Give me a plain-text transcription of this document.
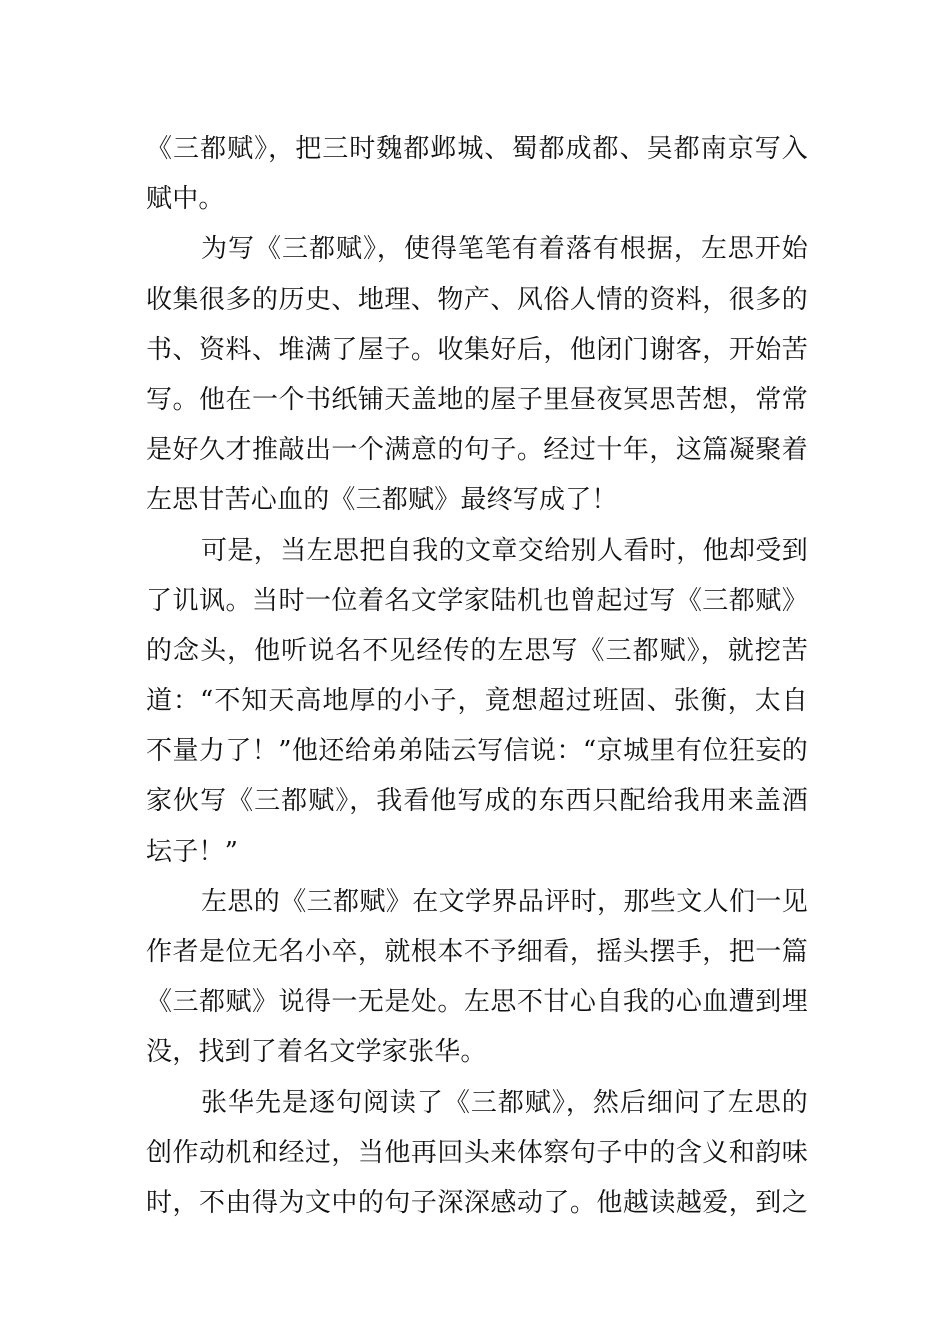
《三都赋》，把三时魏都邺城、蜀都成都、吴都南京写入
赋中。
为写《三都赋》，使得笔笔有着落有根据，左思开始
收集很多的历史、地理、物产、风俗人情的资料，很多的
书、资料、堆满了屋子。收集好后，他闭门谢客，开始苦
写。他在一个书纸铺天盖地的屋子里昼夜冥思苦想，常常
是好久才推敲出一个满意的句子。经过十年，这篇凝聚着
左思甘苦心血的《三都赋》最终写成了！
可是，当左思把自我的文章交给别人看时，他却受到
了讥讽。当时一位着名文学家陆机也曾起过写《三都赋》
的念头，他听说名不见经传的左思写《三都赋》，就挖苦
道：“不知天高地厚的小子，竟想超过班固、张衡，太自
不量力了！”他还给弟弟陆云写信说：“京城里有位狂妄的
家伙写《三都赋》，我看他写成的东西只配给我用来盖酒
坛子！”
左思的《三都赋》在文学界品评时，那些文人们一见
作者是位无名小卒，就根本不予细看，摇头摆手，把一篇
《三都赋》说得一无是处。左思不甘心自我的心血遭到埋
没，找到了着名文学家张华。
张华先是逐句阅读了《三都赋》，然后细问了左思的
创作动机和经过，当他再回头来体察句子中的含义和韵味
时，不由得为文中的句子深深感动了。他越读越爱，到之
